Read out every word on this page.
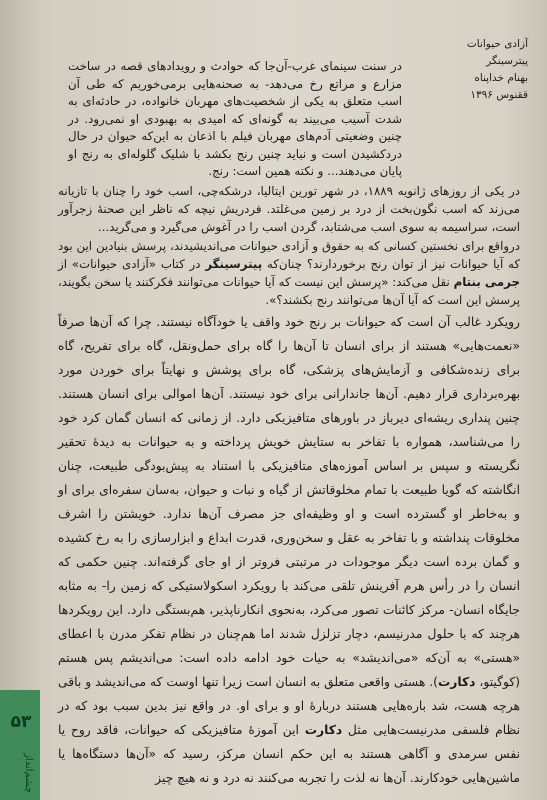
آزادی حیوانات
پیترسینگر
بهنام خداپناه
ققنوس ۱۳۹۶

در سنت سینمای غرب-آن‌جا که حوادث و رویدادهای قصه در ساخت مزارع و مراتع رخ می‌دهد- به صحنه‌هایی برمی‌خوریم که طی آن اسب متعلق به یکی از شخصیت‌های مهربان خانواده، در حادثه‌ای به شدت آسیب می‌بیند به گونه‌ای که امیدی به بهبودی او نمی‌رود. در چنین وضعیتی آدم‌های مهربان فیلم با اذعان به این‌که حیوان در حال دردکشیدن است و نباید چنین رنج بکشد با شلیک گلوله‌ای به رنج او پایان می‌دهند... و نکته همین است: رنج.

در یکی از روزهای ژانویه ۱۸۸۹، در شهر تورین ایتالیا، درشکه‌چی، اسب خود را چنان با تازیانه می‌زند که اسب نگون‌بخت از درد بر زمین می‌غلتد. فردریش نیچه که ناظر این صحنهٔ زجرآور است، سراسیمه به سوی اسب می‌شتابد، گردن اسب را در آغوش می‌گیرد و می‌گرید...

درواقع برای نخستین کسانی که به حقوق و آزادی حیوانات می‌اندیشیدند، پرسش بنیادین این بود که آیا حیوانات نیز از توان رنج برخوردارند؟ چنان‌که پیترسینگر در کتاب «آزادی حیوانات» از جرمی بنتام نقل می‌کند: «پرسش این نیست که آیا حیوانات می‌توانند فکرکنند یا سخن بگویند، پرسش این است که آیا آن‌ها می‌توانند رنج بکشند؟».

رویکرد غالب آن است که حیوانات بر رنج خود واقف یا خودآگاه نیستند. چرا که آن‌ها صرفاً «نعمت‌هایی» هستند از برای انسان تا آن‌ها را گاه برای حمل‌ونقل، گاه برای تفریح، گاه برای زنده‌شکافی و آزمایش‌های پزشکی، گاه برای پوشش و نهایتاً برای خوردن مورد بهره‌برداری قرار دهیم. آن‌ها جاندارانی برای خود نیستند. آن‌ها اموالی برای انسان هستند. چنین پنداری ریشه‌ای دیرباز در باورهای متافیزیکی دارد. از زمانی که انسان گمان کرد خود را می‌شناسد، همواره با تفاخر به ستایش خویش پرداخته و به حیوانات به دیدهٔ تحقیر نگریسته و سپس بر اساس آموزه‌های متافیزیکی با استناد به پیش‌بودگی طبیعت، چنان انگاشته که گویا طبیعت با تمام مخلوقاتش از گیاه و نبات و حیوان، به‌سان سفره‌ای برای او و به‌خاطر او گسترده است و او وظیفه‌ای جز مصرف آن‌ها ندارد. خویشتن را اشرف مخلوقات پنداشته و با تفاخر به عقل و سخن‌وری، قدرت ابداع و ابزارسازی را به رخ کشیده و گمان برده است دیگر موجودات در مرتبتی فروتر از او جای گرفته‌اند. چنین حکمی که انسان را در رأس هرم آفرینش تلقی می‌کند با رویکرد اسکولاستیکی که زمین را- به مثابه جایگاه انسان- مرکز کائنات تصور می‌کرد، به‌نحوی انکارناپذیر، هم‌بستگی دارد. این رویکردها هرچند که با حلول مدرنیسم، دچار تزلزل شدند اما هم‌چنان در نظام تفکر مدرن با اعطای «هستی» به آن‌که «می‌اندیشد» به حیات خود ادامه داده است: می‌اندیشم پس هستم (کوگیتو، دکارت). هستی واقعی متعلق به انسان است زیرا تنها اوست که می‌اندیشد و باقی هرچه هست، شد باره‌هایی هستند دربارهٔ او و برای او. در واقع نیز بدین سبب بود که در نظام فلسفی مدرنیست‌هایی مثل دکارت این آموزهٔ متافیزیکی که حیوانات، فاقد روح یا نفس سرمدی و آگاهی هستند به این حکم انسان مرکز، رسید که «آن‌ها دستگاه‌ها یا ماشین‌هایی خودکارند. آن‌ها نه لذت را تجربه می‌کنند نه درد و نه هیچ چیز

۵۳
چشم‌انداز
